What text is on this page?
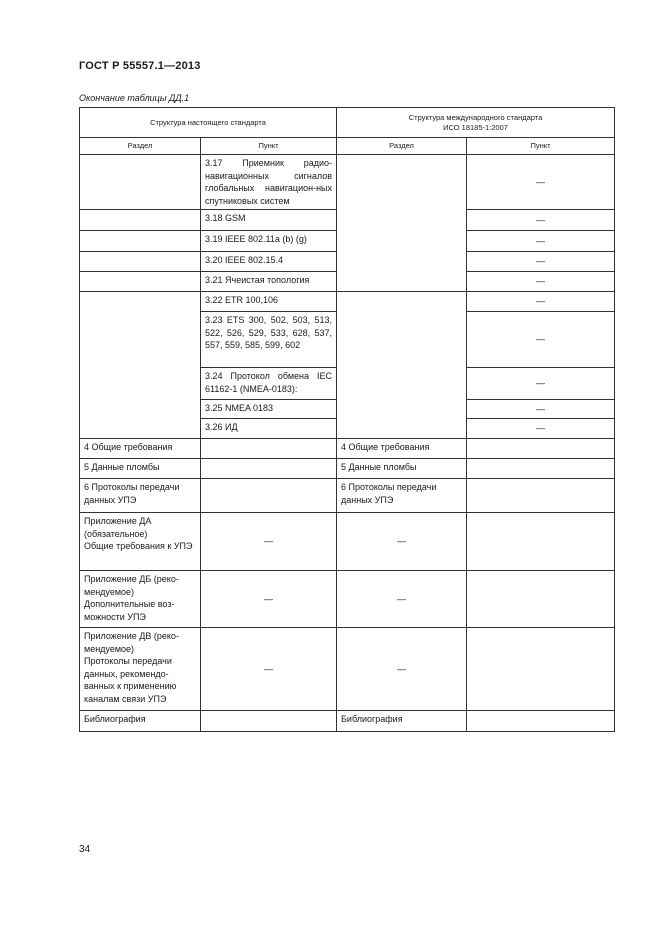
ГОСТ Р 55557.1—2013
Окончание таблицы ДД.1
Структура настоящего стандарта		Структура международного стандарта
ИСО 18185-1:2007	

Раздел	Пункт	Раздел	Пункт
	3.17 Приемник радио-навигационных сигналов глобальных навигацион-ных спутниковых систем		—
	3.18 GSM		—
	3.19 IEEE 802.11a (b) (g)		—
	3.20 IEEE 802.15.4		—
	3.21 Ячеистая топология		—
	3.22 ETR 100,106		—
	3.23 ETS 300, 502, 503, 513, 522, 526, 529, 533, 628, 537, 557, 559, 585, 599, 602		—
	3.24 Протокол обмена IEC 61162-1 (NMEA-0183):		—
	3.25 NMEA 0183		—
	3.26 ИД		—
4 Общие требования		4 Общие требования	
5 Данные пломбы		5 Данные пломбы	
6 Протоколы передачи данных УПЭ		6 Протоколы передачи данных УПЭ	

Приложение ДА (обязательное)
Общие требования к УПЭ	—	—	

Приложение ДБ (реко-мендуемое)
Дополнительные воз-можности УПЭ	—	—	

Приложение ДВ (реко-мендуемое)
Протоколы передачи данных, рекомендо-ванных к применению каналам связи УПЭ	—	—	
Библиография		Библиография	
34
